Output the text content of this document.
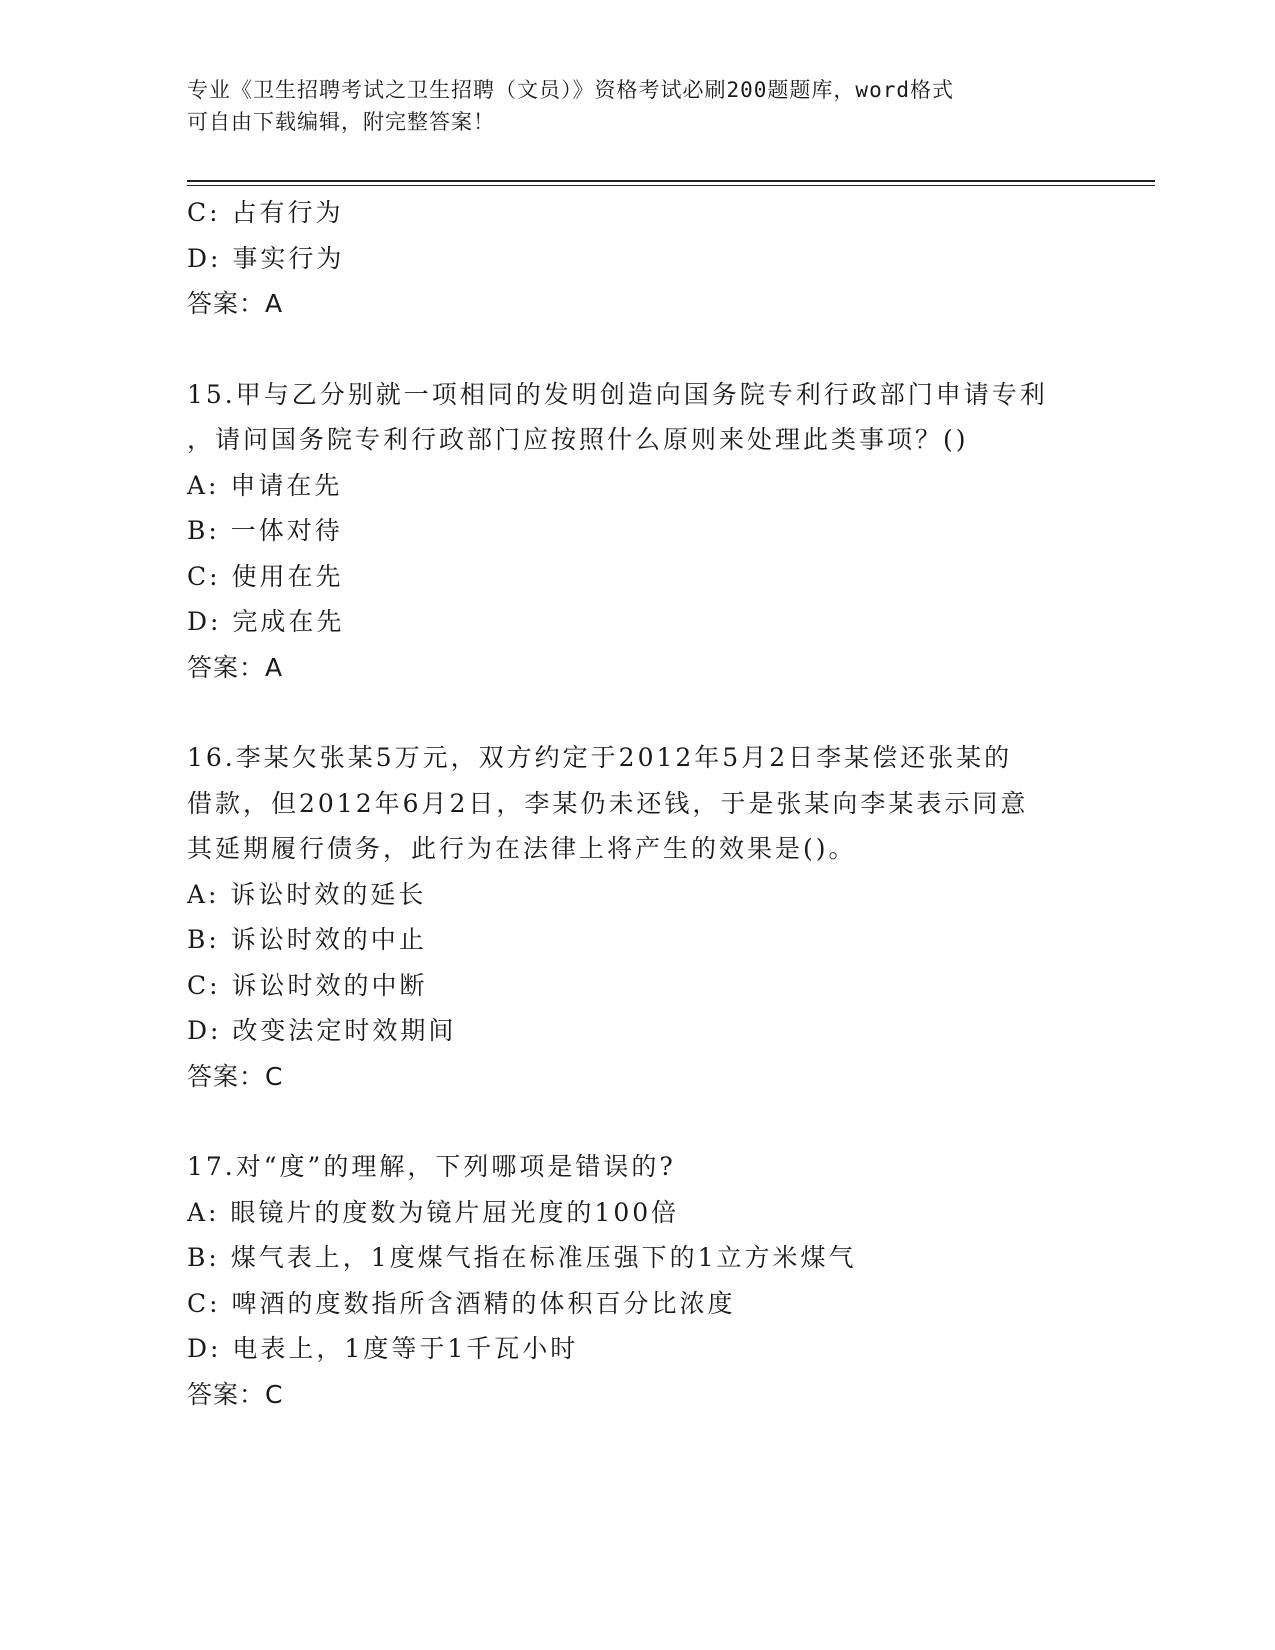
专业《卫生招聘考试之卫生招聘（文员）》资格考试必刷200题题库，word格式
可自由下载编辑，附完整答案！
C: 占有行为
D: 事实行为
答案：A
15.甲与乙分别就一项相同的发明创造向国务院专利行政部门申请专利
，请问国务院专利行政部门应按照什么原则来处理此类事项？()
A: 申请在先
B: 一体对待
C: 使用在先
D: 完成在先
答案：A
16.李某欠张某5万元，双方约定于2012年5月2日李某偿还张某的
借款，但2012年6月2日，李某仍未还钱，于是张某向李某表示同意
其延期履行债务，此行为在法律上将产生的效果是()。
A: 诉讼时效的延长
B: 诉讼时效的中止
C: 诉讼时效的中断
D: 改变法定时效期间
答案：C
17.对“度”的理解，下列哪项是错误的?
A: 眼镜片的度数为镜片屈光度的100倍
B: 煤气表上，1度煤气指在标准压强下的1立方米煤气
C: 啤酒的度数指所含酒精的体积百分比浓度
D: 电表上，1度等于1千瓦小时
答案：C
